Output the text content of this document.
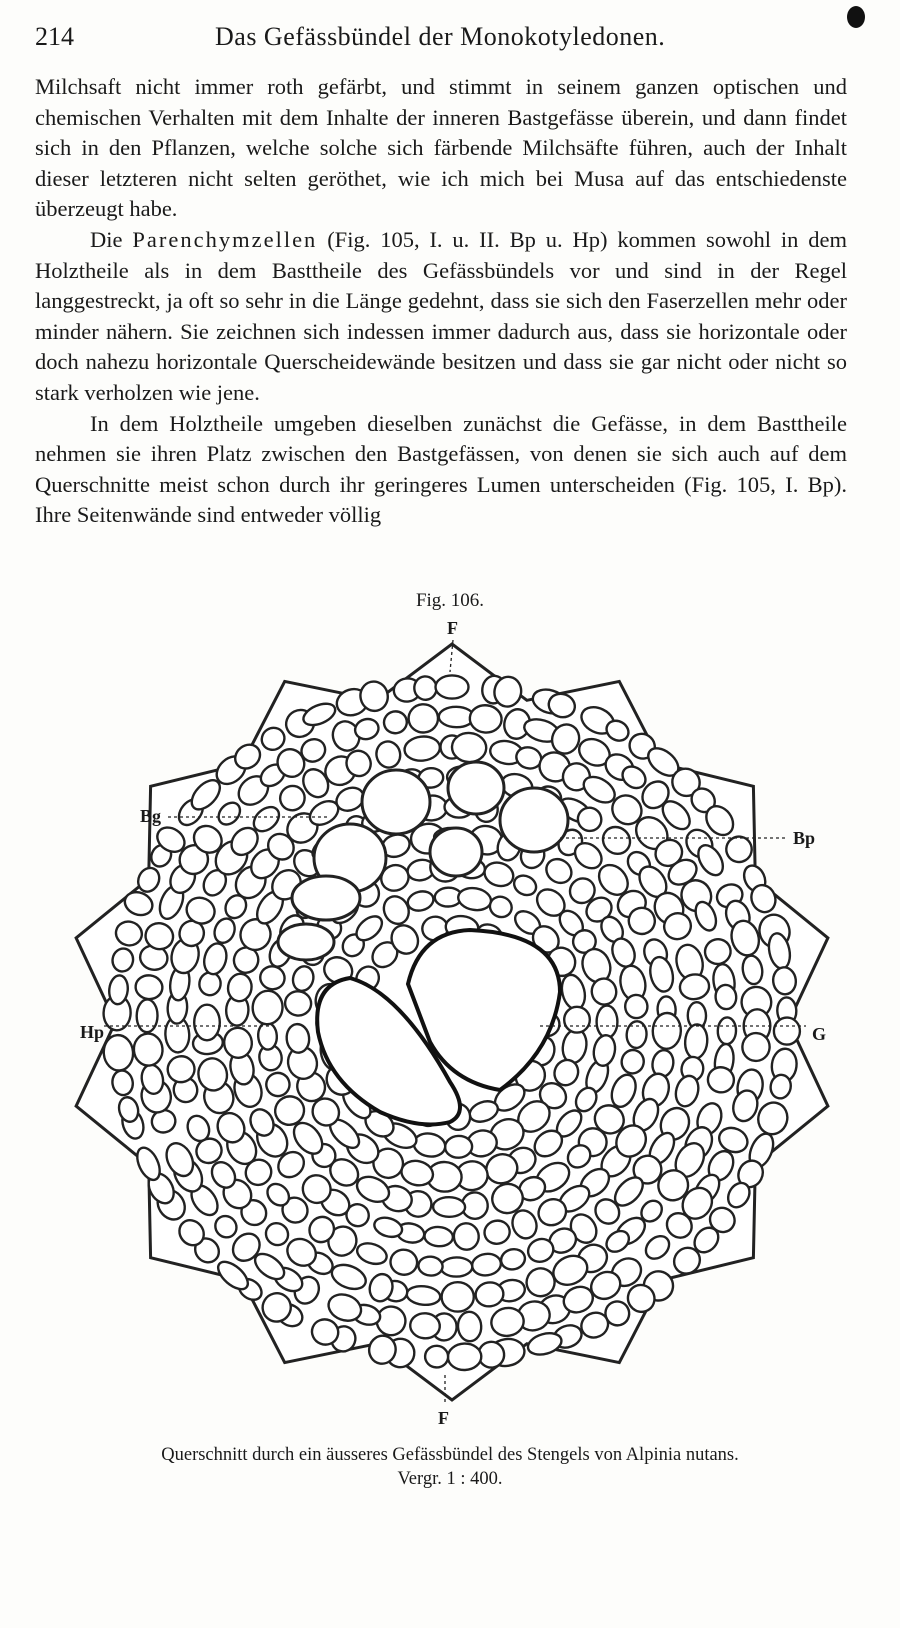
214	Das Gefässbündel der Monokotyledonen.

Milchsaft nicht immer roth gefärbt, und stimmt in seinem ganzen optischen und chemischen Verhalten mit dem Inhalte der inneren Bastgefässe überein, und dann findet sich in den Pflanzen, welche solche sich färbende Milchsäfte führen, auch der Inhalt dieser letzteren nicht selten geröthet, wie ich mich bei Musa auf das entschiedenste überzeugt habe.

Die Parenchymzellen (Fig. 105, I. u. II. Bp u. Hp) kommen sowohl in dem Holztheile als in dem Basttheile des Gefässbündels vor und sind in der Regel langgestreckt, ja oft so sehr in die Länge gedehnt, dass sie sich den Faserzellen mehr oder minder nähern. Sie zeichnen sich indessen immer dadurch aus, dass sie horizontale oder doch nahezu horizontale Querscheidewände besitzen und dass sie gar nicht oder nicht so stark verholzen wie jene.

In dem Holztheile umgeben dieselben zunächst die Gefässe, in dem Basttheile nehmen sie ihren Platz zwischen den Bastgefässen, von denen sie sich auch auf dem Querschnitte meist schon durch ihr geringeres Lumen unterscheiden (Fig. 105, I. Bp). Ihre Seitenwände sind entweder völlig

Fig. 106.
F
F
Bg
Bp
Hp	G
Querschnitt durch ein äusseres Gefässbündel des Stengels von Alpinia nutans.
Vergr. 1 : 400.
